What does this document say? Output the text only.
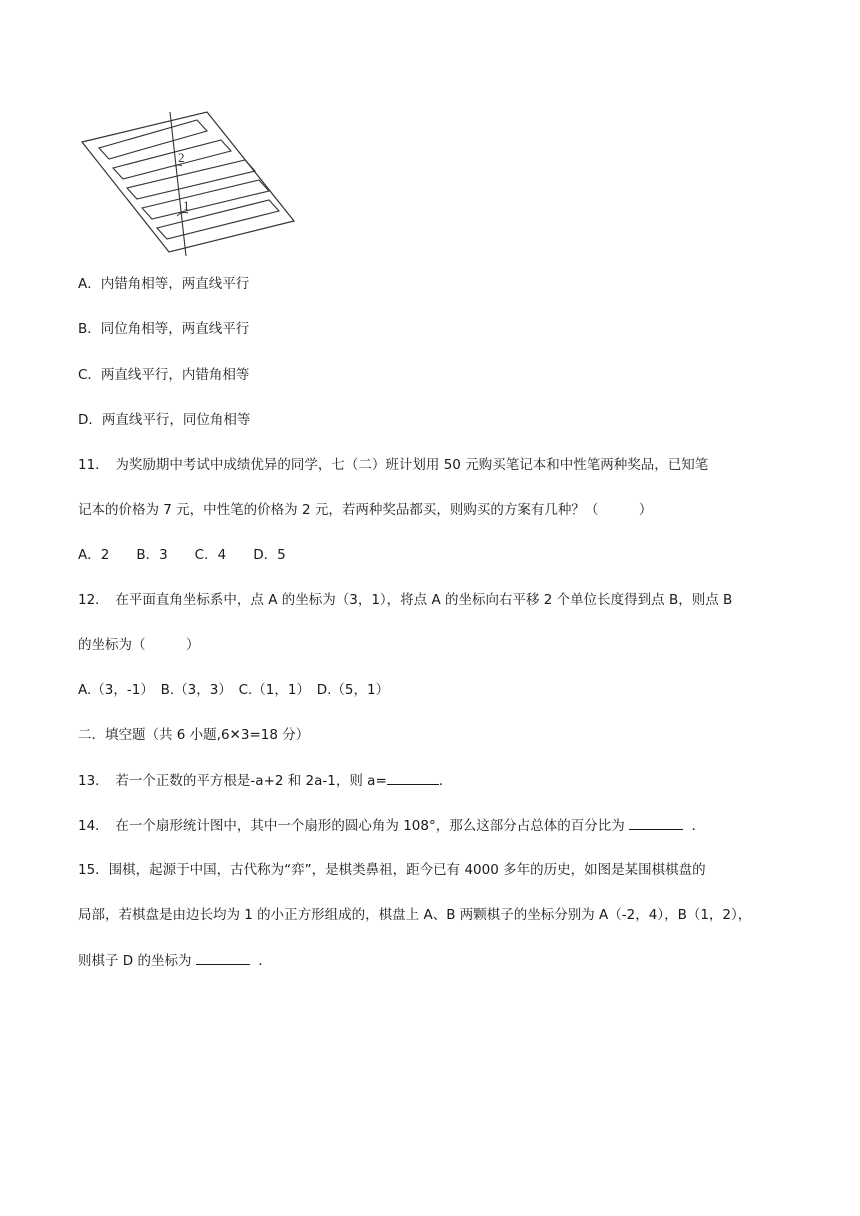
1
2
A．内错角相等，两直线平行
B．同位角相等，两直线平行
C．两直线平行，内错角相等
D．两直线平行，同位角相等
11．　为奖励期中考试中成绩优异的同学，七（二）班计划用 50 元购买笔记本和中性笔两种奖品，已知笔
记本的价格为 7 元，中性笔的价格为 2 元，若两种奖品都买，则购买的方案有几种？（　　　）
A．2　　B．3　　C．4　　D．5
12．　在平面直角坐标系中，点 A 的坐标为（3，1），将点 A 的坐标向右平移 2 个单位长度得到点 B，则点 B
的坐标为（　　　）
A.（3，-1）　B.（3，3）　C.（1，1）　D.（5，1）
二．填空题（共 6 小题,6✕3=18 分）
13．　若一个正数的平方根是-a+2 和 2a-1，则 a=	．
14．　在一个扇形统计图中，其中一个扇形的圆心角为 108°，那么这部分占总体的百分比为	．
15．围棋，起源于中国，古代称为“弈”，是棋类鼻祖，距今已有 4000 多年的历史，如图是某围棋棋盘的
局部，若棋盘是由边长均为 1 的小正方形组成的，棋盘上 A、B 两颗棋子的坐标分别为 A（-2，4），B（1，2），
则棋子 D 的坐标为	．
